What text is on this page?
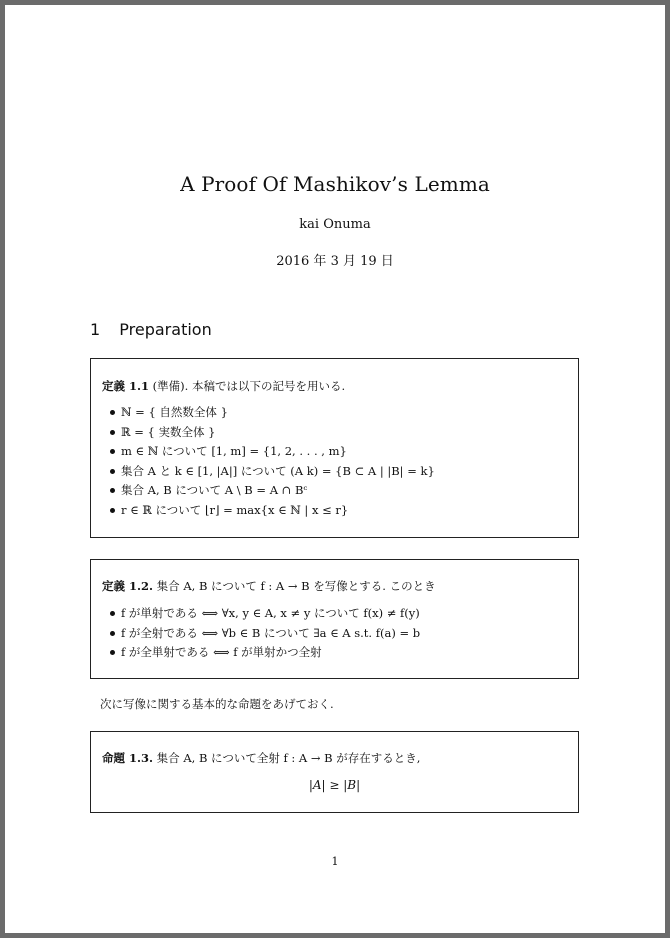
A Proof Of Mashikov’s Lemma
kai Onuma
2016 年 3 月 19 日
1 Preparation
定義 1.1 (準備). 本稿では以下の記号を用いる.
ℕ = { 自然数全体 }
ℝ = { 実数全体 }
m ∈ ℕ について [1, m] = {1, 2, . . . , m}
集合 A と k ∈ [1, |A|] について (A k) = {B ⊂ A | |B| = k}
集合 A, B について A \ B = A ∩ Bᶜ
r ∈ ℝ について ⌊r⌋ = max{x ∈ ℕ | x ≤ r}
定義 1.2. 集合 A, B について f : A → B を写像とする. このとき
f が単射である ⟺ ∀x, y ∈ A, x ≠ y について f(x) ≠ f(y)
f が全射である ⟺ ∀b ∈ B について ∃a ∈ A s.t. f(a) = b
f が全単射である ⟺ f が単射かつ全射
次に写像に関する基本的な命題をあげておく.
命題 1.3. 集合 A, B について全射 f : A → B が存在するとき,
|A| ≥ |B|
1
